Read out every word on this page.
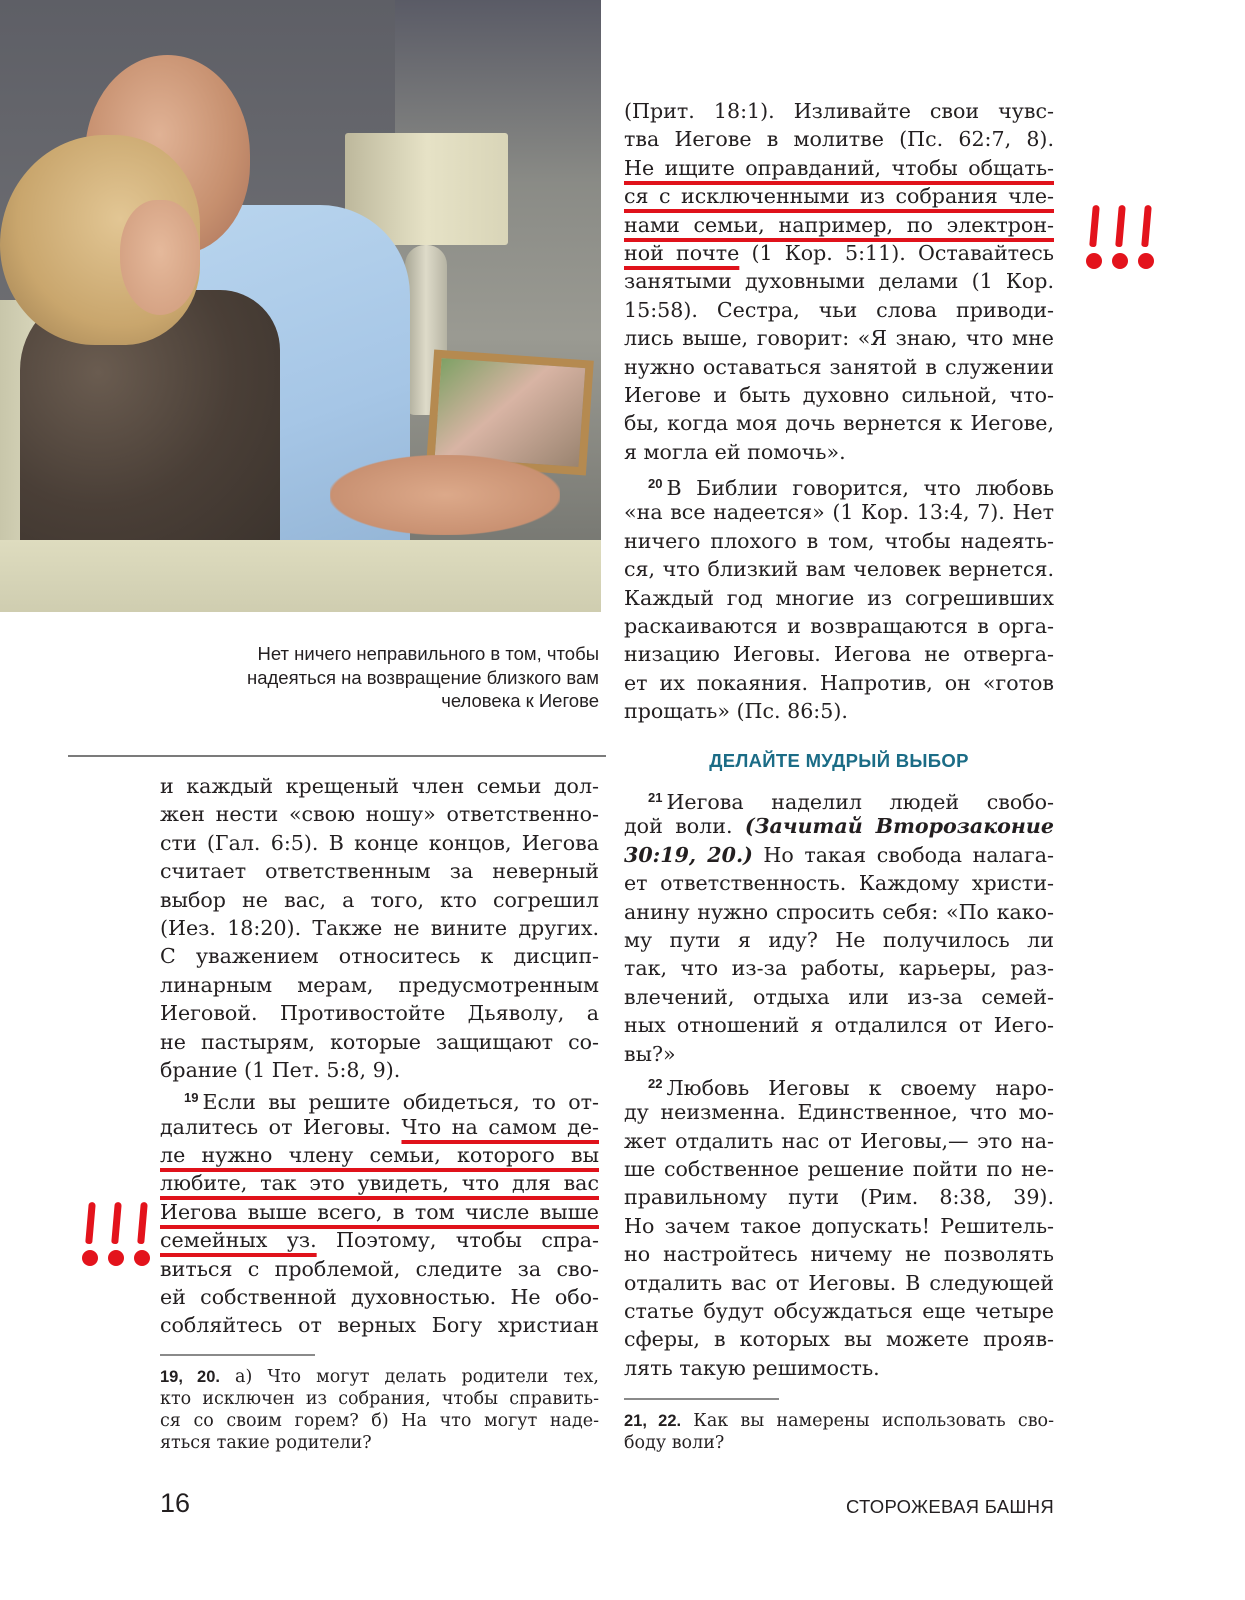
Нет ничего неправильного в том, чтобы
надеяться на возвращение близкого вам
человека к Иегове
и каждый крещеный член семьи дол-
жен нести «свою ношу» ответственно-
сти (Гал. 6:5). В конце концов, Иегова
считает ответственным за неверный
выбор не вас, а того, кто согрешил
(Иез. 18:20). Также не вините других.
С уважением относитесь к дисцип-
линарным мерам, предусмотренным
Иеговой. Противостойте Дьяволу, а
не пастырям, которые защищают со-
брание (1 Пет. 5:8, 9).
$^{19}$ Если вы решите обидеться, то от-
далитесь от Иеговы. Что на самом де-
ле нужно члену семьи, которого вы
любите, так это увидеть, что для вас
Иегова выше всего, в том числе выше
семейных уз. Поэтому, чтобы спра-
виться с проблемой, следите за сво-
ей собственной духовностью. Не обо-
собляйтесь от верных Богу христиан
19, 20. а) Что могут делать родители тех,
кто исключен из собрания, чтобы справить-
ся со своим горем? б) На что могут наде-
яться такие родители?
(Прит. 18:1). Изливайте свои чувс-
тва Иегове в молитве (Пс. 62:7, 8).
Не ищите оправданий, чтобы общать-
ся с исключенными из собрания чле-
нами семьи, например, по электрон-
ной почте (1 Кор. 5:11). Оставайтесь
занятыми духовными делами (1 Кор.
15:58). Сестра, чьи слова приводи-
лись выше, говорит: «Я знаю, что мне
нужно оставаться занятой в служении
Иегове и быть духовно сильной, что-
бы, когда моя дочь вернется к Иегове,
я могла ей помочь».
$^{20}$ В Библии говорится, что любовь
«на все надеется» (1 Кор. 13:4, 7). Нет
ничего плохого в том, чтобы надеять-
ся, что близкий вам человек вернется.
Каждый год многие из согрешивших
раскаиваются и возвращаются в орга-
низацию Иеговы. Иегова не отверга-
ет их покаяния. Напротив, он «готов
прощать» (Пс. 86:5).
ДЕЛАЙТЕ МУДРЫЙ ВЫБОР
$^{21}$ Иегова наделил людей свобо-
дой воли. (Зачитай Второзаконие
30:19, 20.) Но такая свобода налага-
ет ответственность. Каждому христи-
анину нужно спросить себя: «По како-
му пути я иду? Не получилось ли
так, что из-за работы, карьеры, раз-
влечений, отдыха или из-за семей-
ных отношений я отдалился от Иего-
вы?»
$^{22}$ Любовь Иеговы к своему наро-
ду неизменна. Единственное, что мо-
жет отдалить нас от Иеговы,— это на-
ше собственное решение пойти по не-
правильному пути (Рим. 8:38, 39).
Но зачем такое допускать! Решитель-
но настройтесь ничему не позволять
отдалить вас от Иеговы. В следующей
статье будут обсуждаться еще четыре
сферы, в которых вы можете прояв-
лять такую решимость.
21, 22. Как вы намерены использовать сво-
боду воли?
16	СТОРОЖЕВАЯ БАШНЯ
